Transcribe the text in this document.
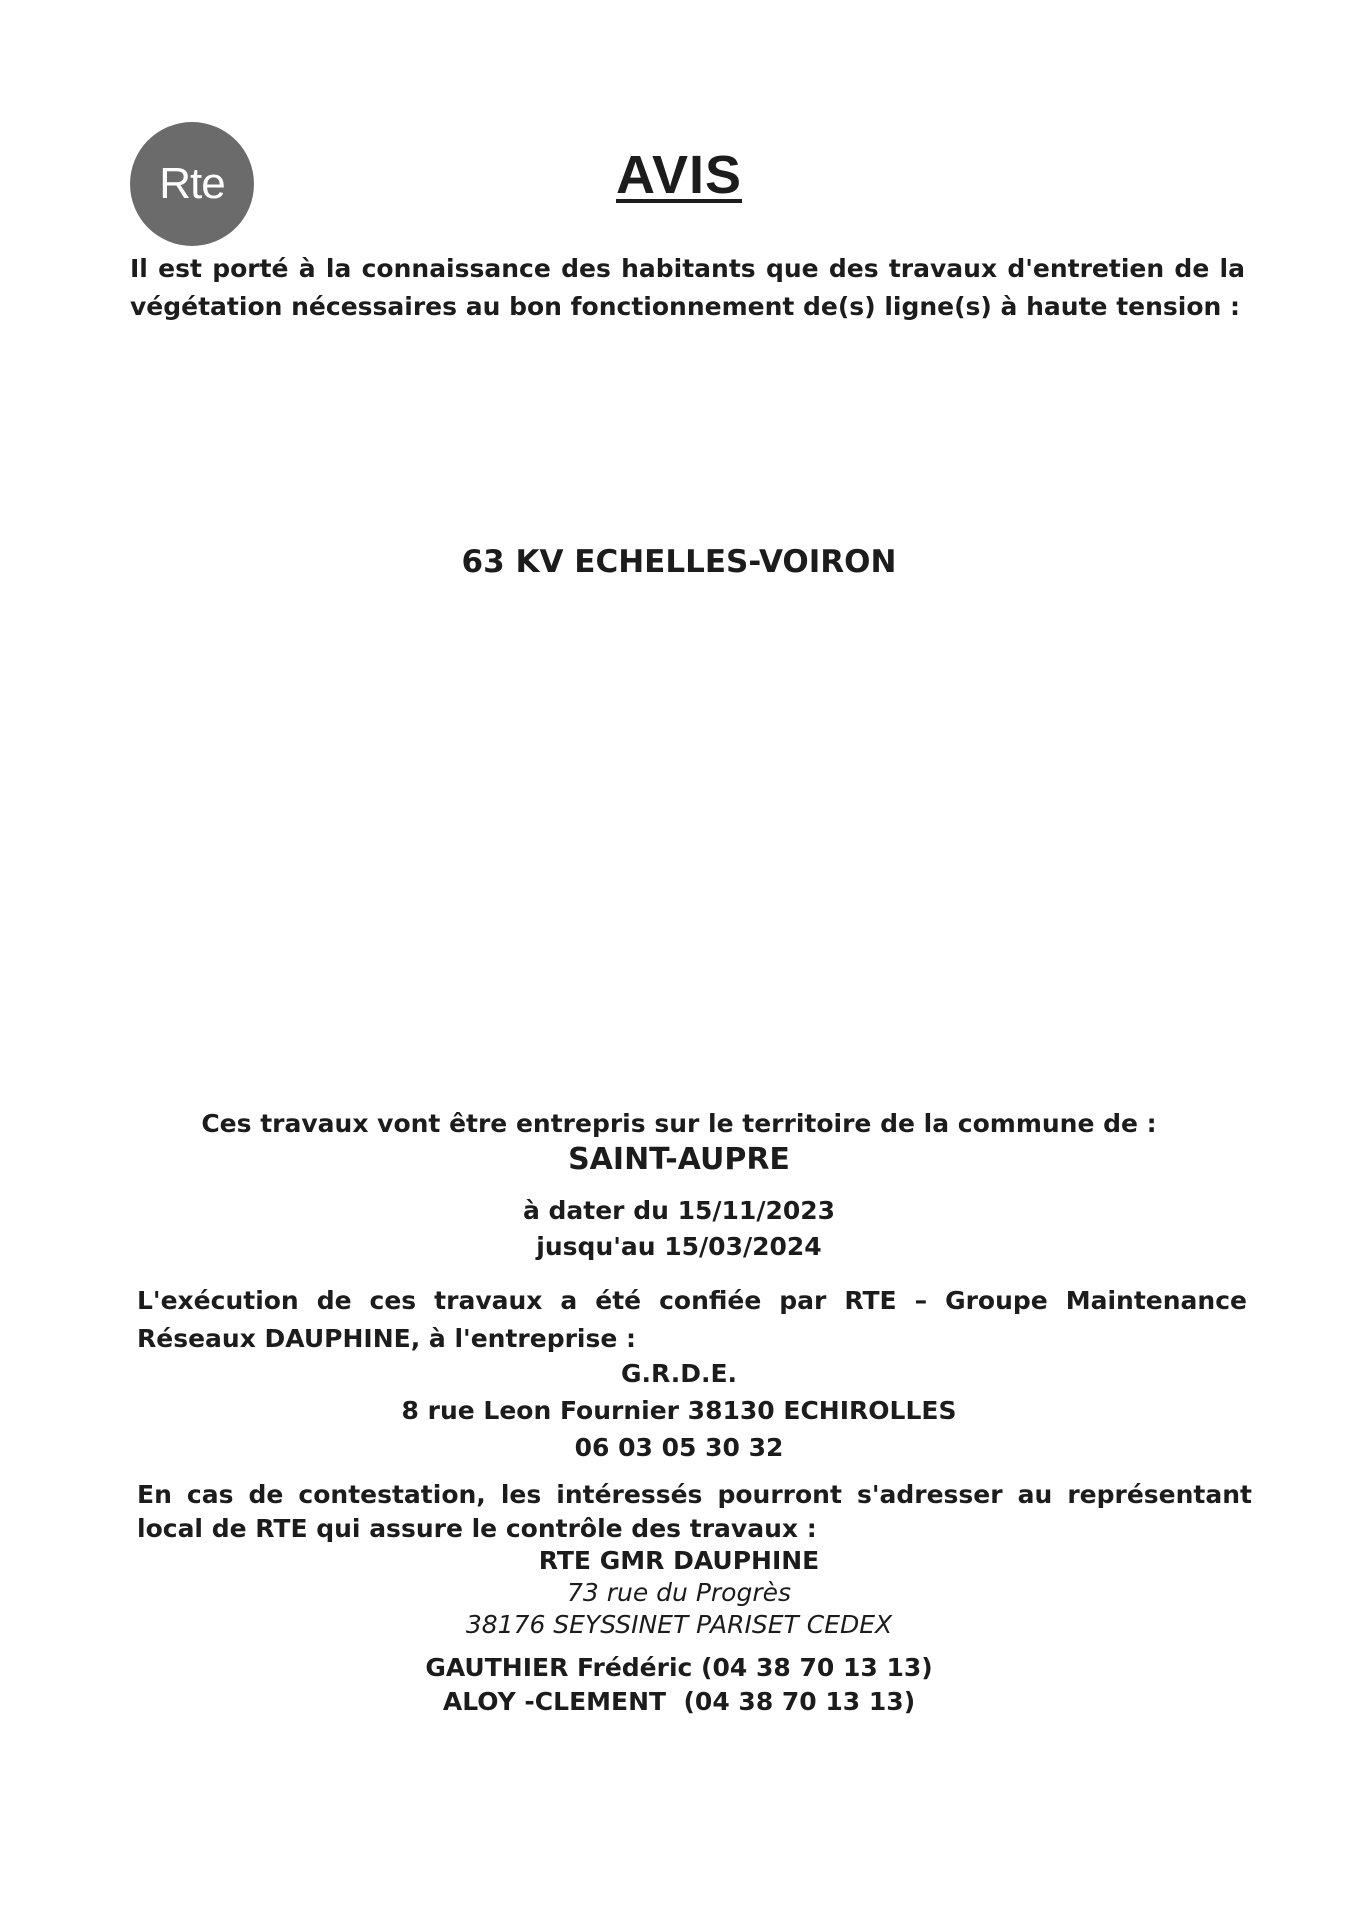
Rte	AVIS
Il est porté à la connaissance des habitants que des travaux d'entretien de la végétation nécessaires au bon fonctionnement de(s) ligne(s) à haute tension :
63 KV ECHELLES-VOIRON
Ces travaux vont être entrepris sur le territoire de la commune de :
SAINT-AUPRE
à dater du 15/11/2023
jusqu'au 15/03/2024
L'exécution de ces travaux a été confiée par RTE – Groupe Maintenance Réseaux DAUPHINE, à l'entreprise :
G.R.D.E.
8 rue Leon Fournier 38130 ECHIROLLES
06 03 05 30 32
En cas de contestation, les intéressés pourront s'adresser au représentant local de RTE qui assure le contrôle des travaux :
RTE GMR DAUPHINE
73 rue du Progrès
38176 SEYSSINET PARISET CEDEX
GAUTHIER Frédéric (04 38 70 13 13)
ALOY -CLEMENT  (04 38 70 13 13)
